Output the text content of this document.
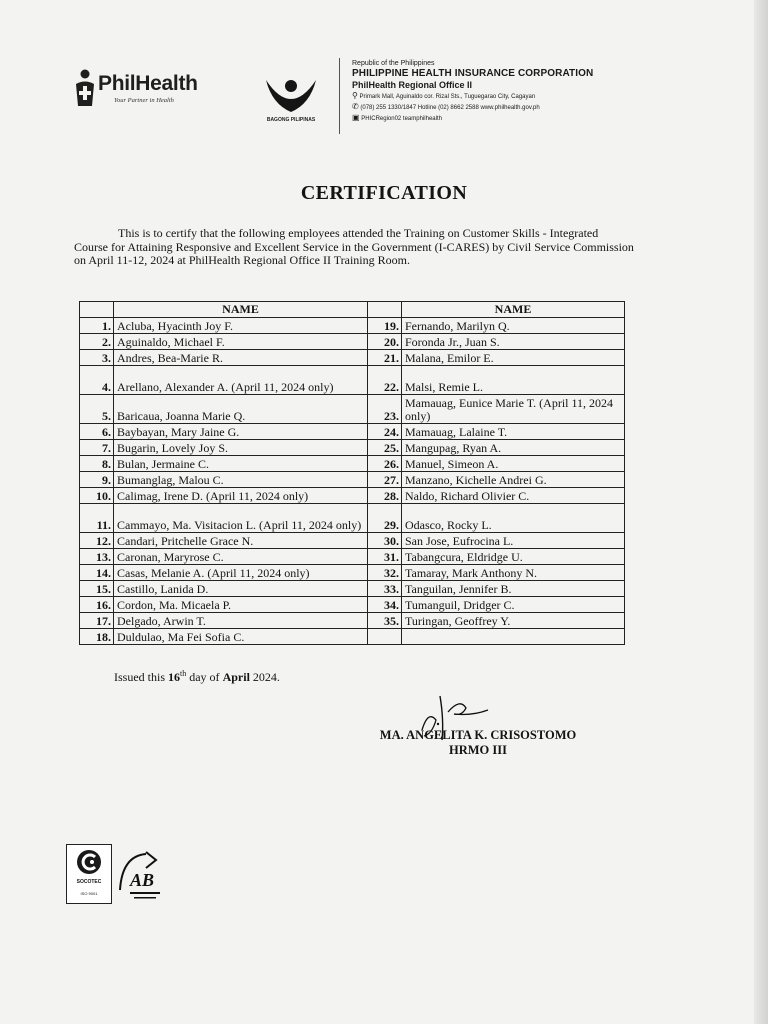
PhilHealth
Your Partner in Health
BAGONG PILIPINAS
Republic of the Philippines
PHILIPPINE HEALTH INSURANCE CORPORATION
PhilHealth Regional Office II
⚲ Primark Mall, Aguinaldo cor. Rizal Sts., Tuguegarao City, Cagayan
✆ (078) 255 1330/1847 Hotline (02) 8662 2588 www.philhealth.gov.ph
▣ PHICRegion02 teamphilhealth
CERTIFICATION
This is to certify that the following employees attended the Training on Customer Skills - Integrated Course for Attaining Responsive and Excellent Service in the Government (I-CARES) by Civil Service Commission on April 11-12, 2024 at PhilHealth Regional Office II Training Room.
	NAME		NAME
1.	Acluba, Hyacinth Joy F.	19.	Fernando, Marilyn Q.
2.	Aguinaldo, Michael F.	20.	Foronda Jr., Juan S.
3.	Andres, Bea-Marie R.	21.	Malana, Emilor E.
4.	Arellano, Alexander A. (April 11, 2024 only)	22.	Malsi, Remie L.
5.	Baricaua, Joanna Marie Q.	23.	Mamauag, Eunice Marie T. (April 11, 2024 only)
6.	Baybayan, Mary Jaine G.	24.	Mamauag, Lalaine T.
7.	Bugarin, Lovely Joy S.	25.	Mangupag, Ryan A.
8.	Bulan, Jermaine C.	26.	Manuel, Simeon A.
9.	Bumanglag, Malou C.	27.	Manzano, Kichelle Andrei G.
10.	Calimag, Irene D. (April 11, 2024 only)	28.	Naldo, Richard Olivier C.
11.	Cammayo, Ma. Visitacion L. (April 11, 2024 only)	29.	Odasco, Rocky L.
12.	Candari, Pritchelle Grace N.	30.	San Jose, Eufrocina L.
13.	Caronan, Maryrose C.	31.	Tabangcura, Eldridge U.
14.	Casas, Melanie A. (April 11, 2024 only)	32.	Tamaray, Mark Anthony N.
15.	Castillo, Lanida D.	33.	Tanguilan, Jennifer B.
16.	Cordon, Ma. Micaela P.	34.	Tumanguil, Dridger C.
17.	Delgado, Arwin T.	35.	Turingan, Geoffrey Y.
18.	Duldulao, Ma Fei Sofia C.		
Issued this 16th day of April 2024.
MA. ANGELITA K. CRISOSTOMO
HRMO III
SOCOTEC
ISO 9001
AB
